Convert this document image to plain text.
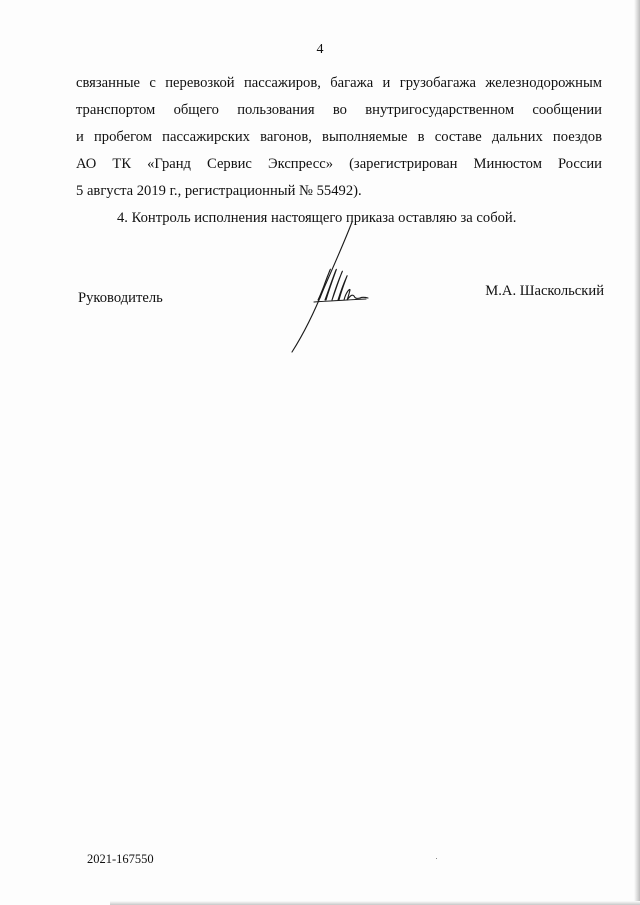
4
связанные с перевозкой пассажиров, багажа и грузобагажа железнодорожным
транспортом общего пользования во внутригосударственном сообщении
и пробегом пассажирских вагонов, выполняемые в составе дальних поездов
АО ТК «Гранд Сервис Экспресс» (зарегистрирован Минюстом России
5 августа 2019 г., регистрационный № 55492).
4. Контроль исполнения настоящего приказа оставляю за собой.
Руководитель	М.А. Шаскольский
2021-167550
